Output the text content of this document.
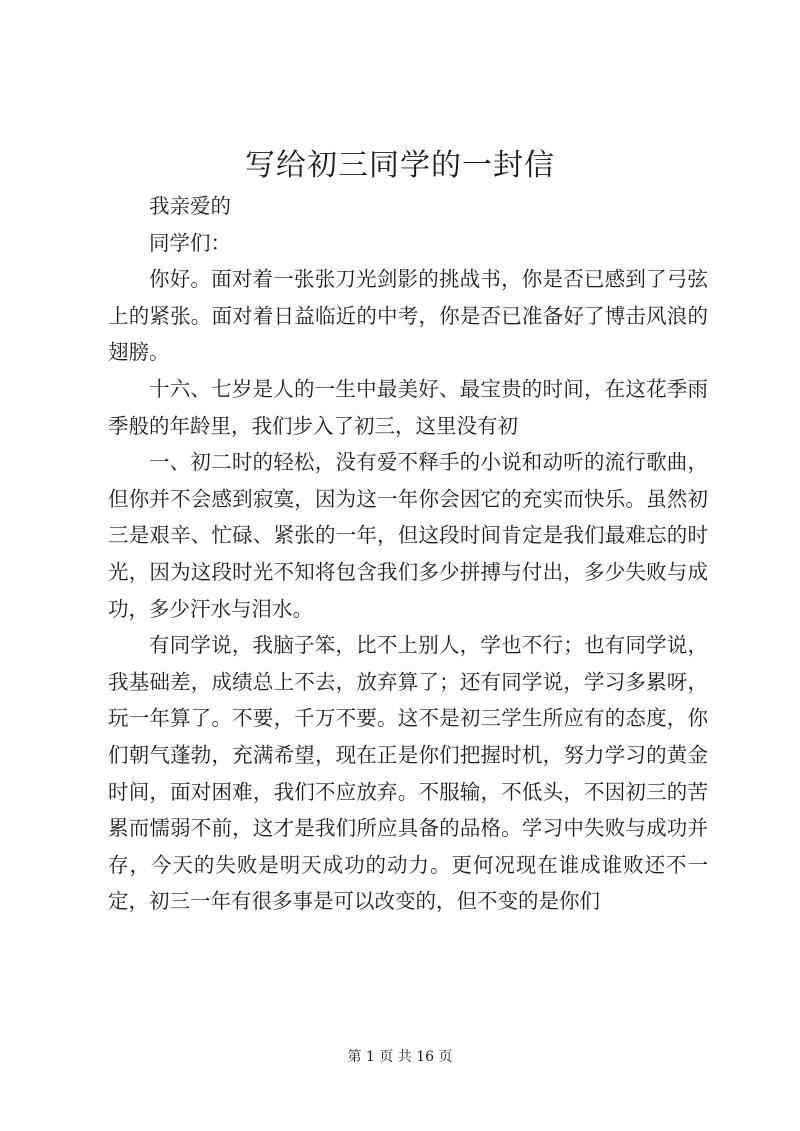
写给初三同学的一封信

我亲爱的

同学们：

你好。面对着一张张刀光剑影的挑战书，你是否已感到了弓弦上的紧张。面对着日益临近的中考，你是否已准备好了博击风浪的翅膀。

十六、七岁是人的一生中最美好、最宝贵的时间，在这花季雨季般的年龄里，我们步入了初三，这里没有初

一、初二时的轻松，没有爱不释手的小说和动听的流行歌曲，但你并不会感到寂寞，因为这一年你会因它的充实而快乐。虽然初三是艰辛、忙碌、紧张的一年，但这段时间肯定是我们最难忘的时光，因为这段时光不知将包含我们多少拼搏与付出，多少失败与成功，多少汗水与泪水。

有同学说，我脑子笨，比不上别人，学也不行；也有同学说，我基础差，成绩总上不去，放弃算了；还有同学说，学习多累呀，玩一年算了。不要，千万不要。这不是初三学生所应有的态度，你们朝气蓬勃，充满希望，现在正是你们把握时机，努力学习的黄金时间，面对困难，我们不应放弃。不服输，不低头，不因初三的苦累而懦弱不前，这才是我们所应具备的品格。学习中失败与成功并存，今天的失败是明天成功的动力。更何况现在谁成谁败还不一定，初三一年有很多事是可以改变的，但不变的是你们

第 1 页 共 16 页
